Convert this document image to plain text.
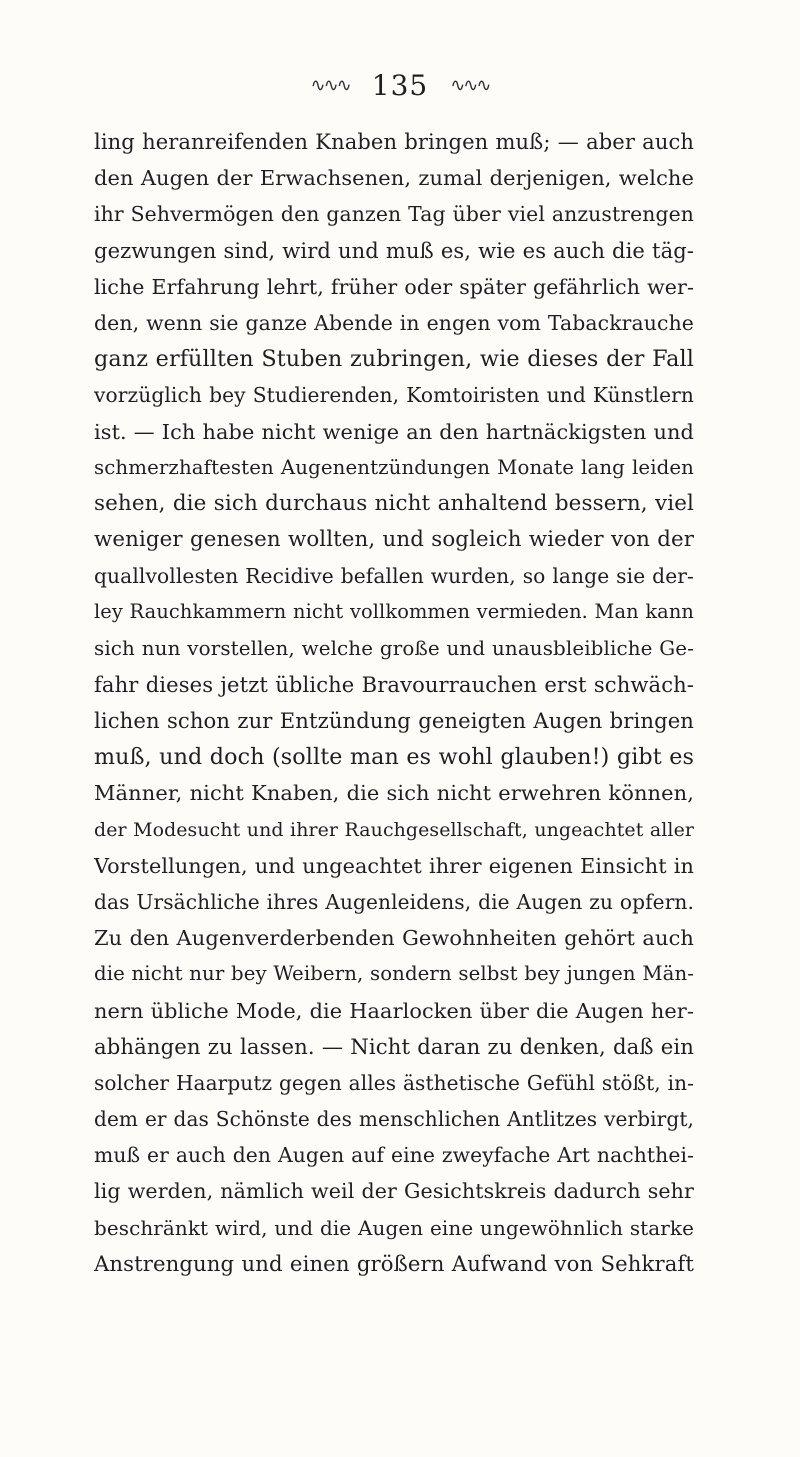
∿∿∿ 135 ∿∿∿
ling heranreifenden Knaben bringen muß; — aber auch
den Augen der Erwachsenen, zumal derjenigen, welche
ihr Sehvermögen den ganzen Tag über viel anzustrengen
gezwungen sind, wird und muß es, wie es auch die täg-
liche Erfahrung lehrt, früher oder später gefährlich wer-
den, wenn sie ganze Abende in engen vom Tabackrauche
ganz erfüllten Stuben zubringen, wie dieses der Fall
vorzüglich bey Studierenden, Komtoiristen und Künstlern
ist. — Ich habe nicht wenige an den hartnäckigsten und
schmerzhaftesten Augenentzündungen Monate lang leiden
sehen, die sich durchaus nicht anhaltend bessern, viel
weniger genesen wollten, und sogleich wieder von der
quallvollesten Recidive befallen wurden, so lange sie der-
ley Rauchkammern nicht vollkommen vermieden. Man kann
sich nun vorstellen, welche große und unausbleibliche Ge-
fahr dieses jetzt übliche Bravourrauchen erst schwäch-
lichen schon zur Entzündung geneigten Augen bringen
muß, und doch (sollte man es wohl glauben!) gibt es
Männer, nicht Knaben, die sich nicht erwehren können,
der Modesucht und ihrer Rauchgesellschaft, ungeachtet aller
Vorstellungen, und ungeachtet ihrer eigenen Einsicht in
das Ursächliche ihres Augenleidens, die Augen zu opfern.
Zu den Augenverderbenden Gewohnheiten gehört auch
die nicht nur bey Weibern, sondern selbst bey jungen Män-
nern übliche Mode, die Haarlocken über die Augen her-
abhängen zu lassen. — Nicht daran zu denken, daß ein
solcher Haarputz gegen alles ästhetische Gefühl stößt, in-
dem er das Schönste des menschlichen Antlitzes verbirgt,
muß er auch den Augen auf eine zweyfache Art nachthei-
lig werden, nämlich weil der Gesichtskreis dadurch sehr
beschränkt wird, und die Augen eine ungewöhnlich starke
Anstrengung und einen größern Aufwand von Sehkraft
